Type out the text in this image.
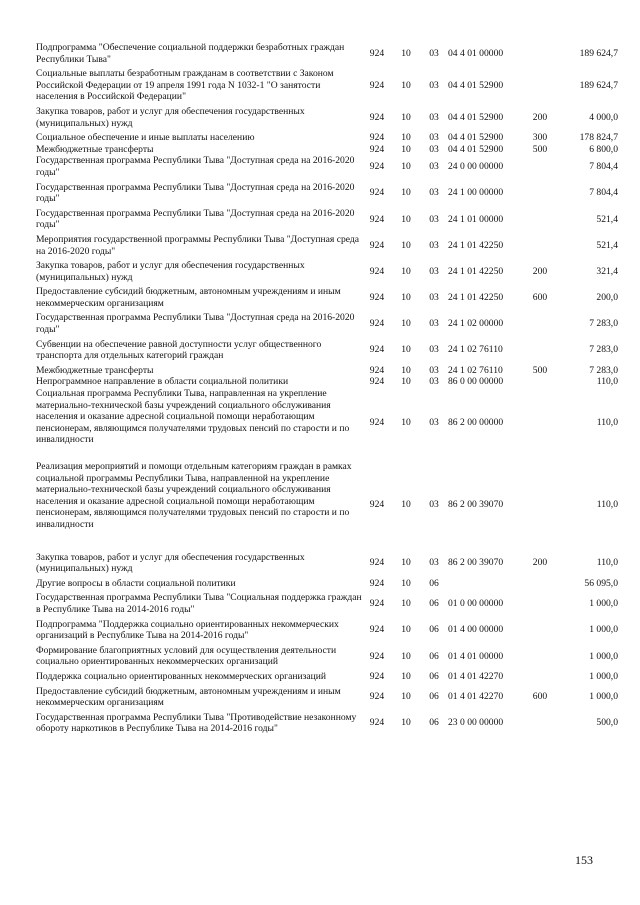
Подпрограмма "Обеспечение социальной поддержки безработных граждан Республики Тыва"	924	10	03	04 4 01 00000		189 624,7

Социальные выплаты безработным гражданам в соответствии с Законом Российской Федерации от 19 апреля 1991 года N 1032-1 "О занятости населения в Российской Федерации"	924	10	03	04 4 01 52900		189 624,7

Закупка товаров, работ и услуг для обеспечения государственных (муниципальных) нужд	924	10	03	04 4 01 52900	200	4 000,0

Социальное обеспечение и иные выплаты населению	924	10	03	04 4 01 52900	300	178 824,7
Межбюджетные трансферты	924	10	03	04 4 01 52900	500	6 800,0
Государственная программа Республики Тыва "Доступная среда на 2016-2020 годы"	924	10	03	24 0 00 00000		7 804,4

Государственная программа Республики Тыва "Доступная среда на 2016-2020 годы"	924	10	03	24 1 00 00000		7 804,4

Государственная программа Республики Тыва "Доступная среда на 2016-2020 годы"	924	10	03	24 1 01 00000		521,4

Мероприятия государственной программы Республики Тыва "Доступная среда на 2016-2020 годы"	924	10	03	24 1 01 42250		521,4

Закупка товаров, работ и услуг для обеспечения государственных (муниципальных) нужд	924	10	03	24 1 01 42250	200	321,4

Предоставление субсидий бюджетным, автономным учреждениям и иным некоммерческим организациям	924	10	03	24 1 01 42250	600	200,0

Государственная программа Республики Тыва "Доступная среда на 2016-2020 годы"	924	10	03	24 1 02 00000		7 283,0

Субвенции на обеспечение равной доступности услуг общественного транспорта для отдельных категорий граждан	924	10	03	24 1 02 76110		7 283,0

Межбюджетные трансферты	924	10	03	24 1 02 76110	500	7 283,0
Непрограммное направление в области социальной политики	924	10	03	86 0 00 00000		110,0
Социальная программа Республики Тыва, направленная на укрепление материально-технической базы учреждений социального обслуживания населения и оказание адресной социальной помощи неработающим пенсионерам, являющимся получателями трудовых пенсий по старости и по инвалидности	924	10	03	86 2 00 00000		110,0

Реализация мероприятий и помощи отдельным категориям граждан в рамках социальной программы Республики Тыва, направленной на укрепление материально-технической базы учреждений социального обслуживания населения и оказание адресной социальной помощи неработающим пенсионерам, являющимся получателями трудовых пенсий по старости и по инвалидности	924	10	03	86 2 00 39070		110,0

Закупка товаров, работ и услуг для обеспечения государственных (муниципальных) нужд	924	10	03	86 2 00 39070	200	110,0

Другие вопросы в области социальной политики	924	10	06			56 095,0

Государственная программа Республики Тыва "Социальная поддержка граждан в Республике Тыва на 2014-2016 годы"	924	10	06	01 0 00 00000		1 000,0

Подпрограмма "Поддержка социально ориентированных некоммерческих организаций в Республике Тыва на 2014-2016 годы"	924	10	06	01 4 00 00000		1 000,0

Формирование благоприятных условий для осуществления деятельности социально ориентированных некоммерческих организаций	924	10	06	01 4 01 00000		1 000,0

Поддержка социально ориентированных некоммерческих организаций	924	10	06	01 4 01 42270		1 000,0

Предоставление субсидий бюджетным, автономным учреждениям и иным некоммерческим организациям	924	10	06	01 4 01 42270	600	1 000,0

Государственная программа Республики Тыва "Противодействие незаконному обороту наркотиков в Республике Тыва на 2014-2016 годы"	924	10	06	23 0 00 00000		500,0
153
